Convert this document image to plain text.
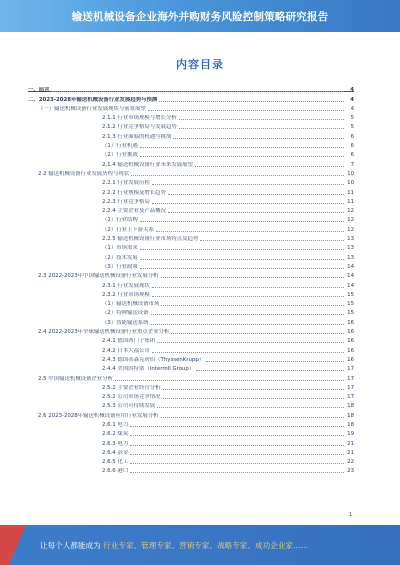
输送机械设备企业海外并购财务风险控制策略研究报告
内容目录
一、前言	4
二、2023-2028年输送机械设备行业发展趋势与预测	4
（一）输送机械设备行业发展现状与前景展望	4
2.1.1 行业市场规模与增长分析	5
2.1.2 行业竞争格局与发展趋势	5
2.1.3 行业面临的机遇与挑战	6
（1）行业机遇	6
（2）行业挑战	6
2.1.4 输送机械设备行业未来发展展望	7
2.2 输送机械设备行业发展历程与现状	10
2.2.1 行业发展历程	10
2.2.2 行业规模及增长趋势	11
2.2.3 行业竞争格局	11
2.2.4 主要企业及产品概况	12
（1）行业结构	12
（2）行业上下游关系	12
2.2.5 输送机械设备行业市场特点及趋势	13
（1）市场需求	13
（2）技术发展	13
（3）行业政策	14
2.3 2022-2023年中国输送机械设备行业发展分析	14
2.3.1 行业发展现状	14
2.3.2 行业市场规模	15
（1）输送机械设备市场	15
（2）特种输送设备	15
（3）智能输送系统	16
2.4 2022-2023年全球输送机械设备行业重点企业分析	16
2.4.1 德国西门子集团	16
2.4.2 日本大福公司	16
2.4.3 德国蒂森克虏伯（ThyssenKrupp）	16
2.4.4 美国因特诺（Interroll Group）	17
2.5 中国输送机械设备企业分析	17
2.5.1 主要企业经营分析	17
2.5.2 公司市场竞争情况	17
2.5.3 公司可持续发展	18
2.6 2023-2028年输送机械设备应用行业发展分析	18
2.6.1 电力	18
2.6.2 煤炭	19
2.6.3 电力	21
2.6.4 冶金	21
2.6.5 化工	22
2.6.6 港口	23
1
让每个人都能成为 行业专家、管理专家、营销专家、战略专家、成功企业家……
